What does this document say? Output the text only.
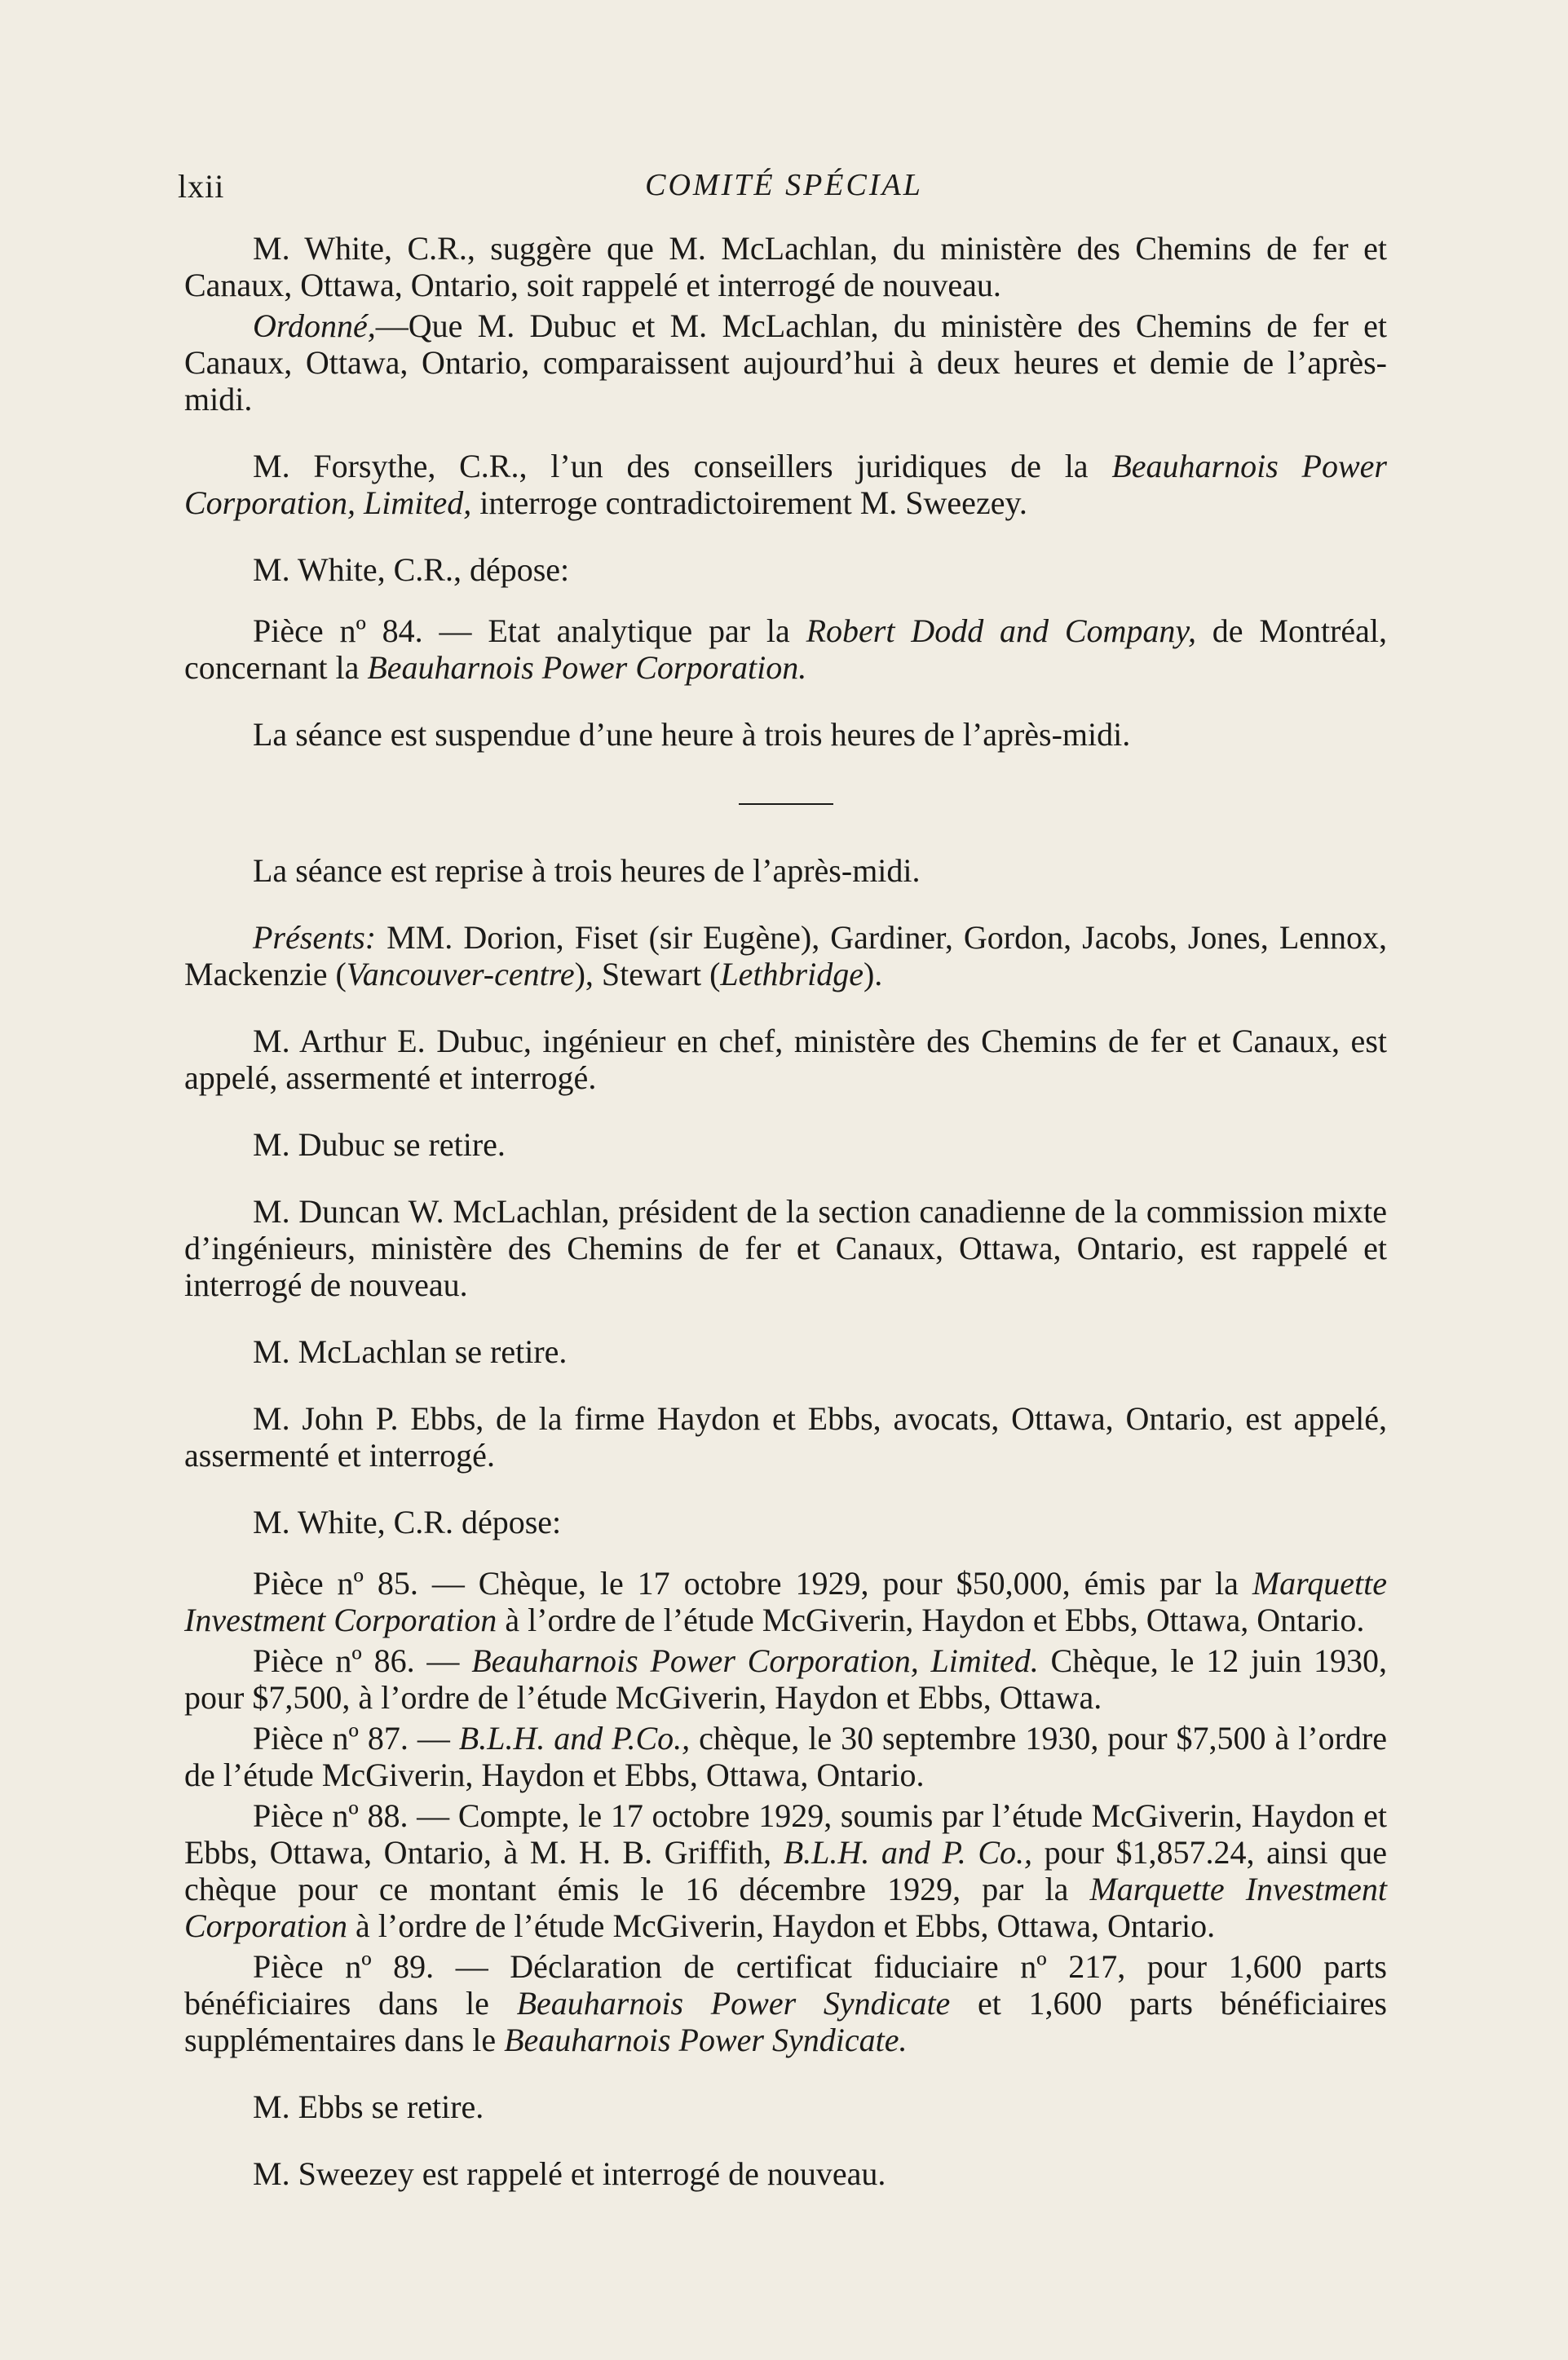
lxii	COMITÉ SPÉCIAL

M. White, C.R., suggère que M. McLachlan, du ministère des Chemins de fer et Canaux, Ottawa, Ontario, soit rappelé et interrogé de nouveau.

Ordonné,—Que M. Dubuc et M. McLachlan, du ministère des Chemins de fer et Canaux, Ottawa, Ontario, comparaissent aujourd’hui à deux heures et demie de l’après-midi.

M. Forsythe, C.R., l’un des conseillers juridiques de la Beauharnois Power Corporation, Limited, interroge contradictoirement M. Sweezey.

M. White, C.R., dépose:

Pièce nº 84. — Etat analytique par la Robert Dodd and Company, de Montréal, concernant la Beauharnois Power Corporation.

La séance est suspendue d’une heure à trois heures de l’après-midi.

La séance est reprise à trois heures de l’après-midi.

Présents: MM. Dorion, Fiset (sir Eugène), Gardiner, Gordon, Jacobs, Jones, Lennox, Mackenzie (Vancouver-centre), Stewart (Lethbridge).

M. Arthur E. Dubuc, ingénieur en chef, ministère des Chemins de fer et Canaux, est appelé, assermenté et interrogé.

M. Dubuc se retire.

M. Duncan W. McLachlan, président de la section canadienne de la commission mixte d’ingénieurs, ministère des Chemins de fer et Canaux, Ottawa, Ontario, est rappelé et interrogé de nouveau.

M. McLachlan se retire.

M. John P. Ebbs, de la firme Haydon et Ebbs, avocats, Ottawa, Ontario, est appelé, assermenté et interrogé.

M. White, C.R. dépose:

Pièce nº 85. — Chèque, le 17 octobre 1929, pour $50,000, émis par la Marquette Investment Corporation à l’ordre de l’étude McGiverin, Haydon et Ebbs, Ottawa, Ontario.

Pièce nº 86. — Beauharnois Power Corporation, Limited. Chèque, le 12 juin 1930, pour $7,500, à l’ordre de l’étude McGiverin, Haydon et Ebbs, Ottawa.

Pièce nº 87. — B.L.H. and P.Co., chèque, le 30 septembre 1930, pour $7,500 à l’ordre de l’étude McGiverin, Haydon et Ebbs, Ottawa, Ontario.

Pièce nº 88. — Compte, le 17 octobre 1929, soumis par l’étude McGiverin, Haydon et Ebbs, Ottawa, Ontario, à M. H. B. Griffith, B.L.H. and P. Co., pour $1,857.24, ainsi que chèque pour ce montant émis le 16 décembre 1929, par la Marquette Investment Corporation à l’ordre de l’étude McGiverin, Haydon et Ebbs, Ottawa, Ontario.

Pièce nº 89. — Déclaration de certificat fiduciaire nº 217, pour 1,600 parts bénéficiaires dans le Beauharnois Power Syndicate et 1,600 parts bénéficiaires supplémentaires dans le Beauharnois Power Syndicate.

M. Ebbs se retire.

M. Sweezey est rappelé et interrogé de nouveau.
